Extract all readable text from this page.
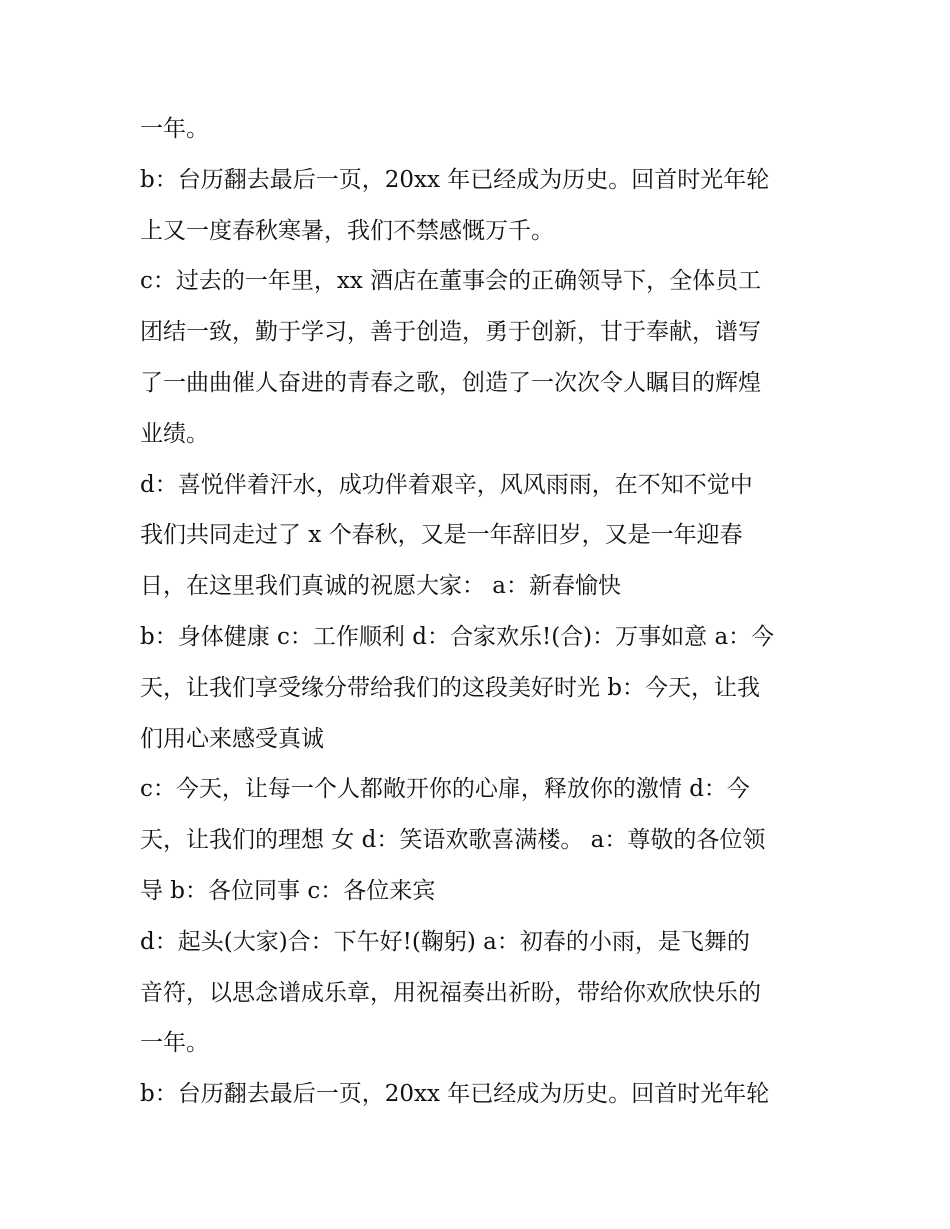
一年。
b：台历翻去最后一页，20xx 年已经成为历史。回首时光年轮
上又一度春秋寒暑，我们不禁感慨万千。
c：过去的一年里，xx 酒店在董事会的正确领导下，全体员工
团结一致，勤于学习，善于创造，勇于创新，甘于奉献，谱写
了一曲曲催人奋进的青春之歌，创造了一次次令人瞩目的辉煌
业绩。
d：喜悦伴着汗水，成功伴着艰辛，风风雨雨，在不知不觉中
我们共同走过了 x 个春秋，又是一年辞旧岁，又是一年迎春
日，在这里我们真诚的祝愿大家： a：新春愉快
b：身体健康 c：工作顺利 d：合家欢乐!(合)：万事如意 a：今
天，让我们享受缘分带给我们的这段美好时光 b：今天，让我
们用心来感受真诚
c：今天，让每一个人都敞开你的心扉，释放你的激情 d：今
天，让我们的理想 女 d：笑语欢歌喜满楼。 a：尊敬的各位领
导 b：各位同事 c：各位来宾
d：起头(大家)合：下午好!(鞠躬) a：初春的小雨，是飞舞的
音符，以思念谱成乐章，用祝福奏出祈盼，带给你欢欣快乐的
一年。
b：台历翻去最后一页，20xx 年已经成为历史。回首时光年轮
